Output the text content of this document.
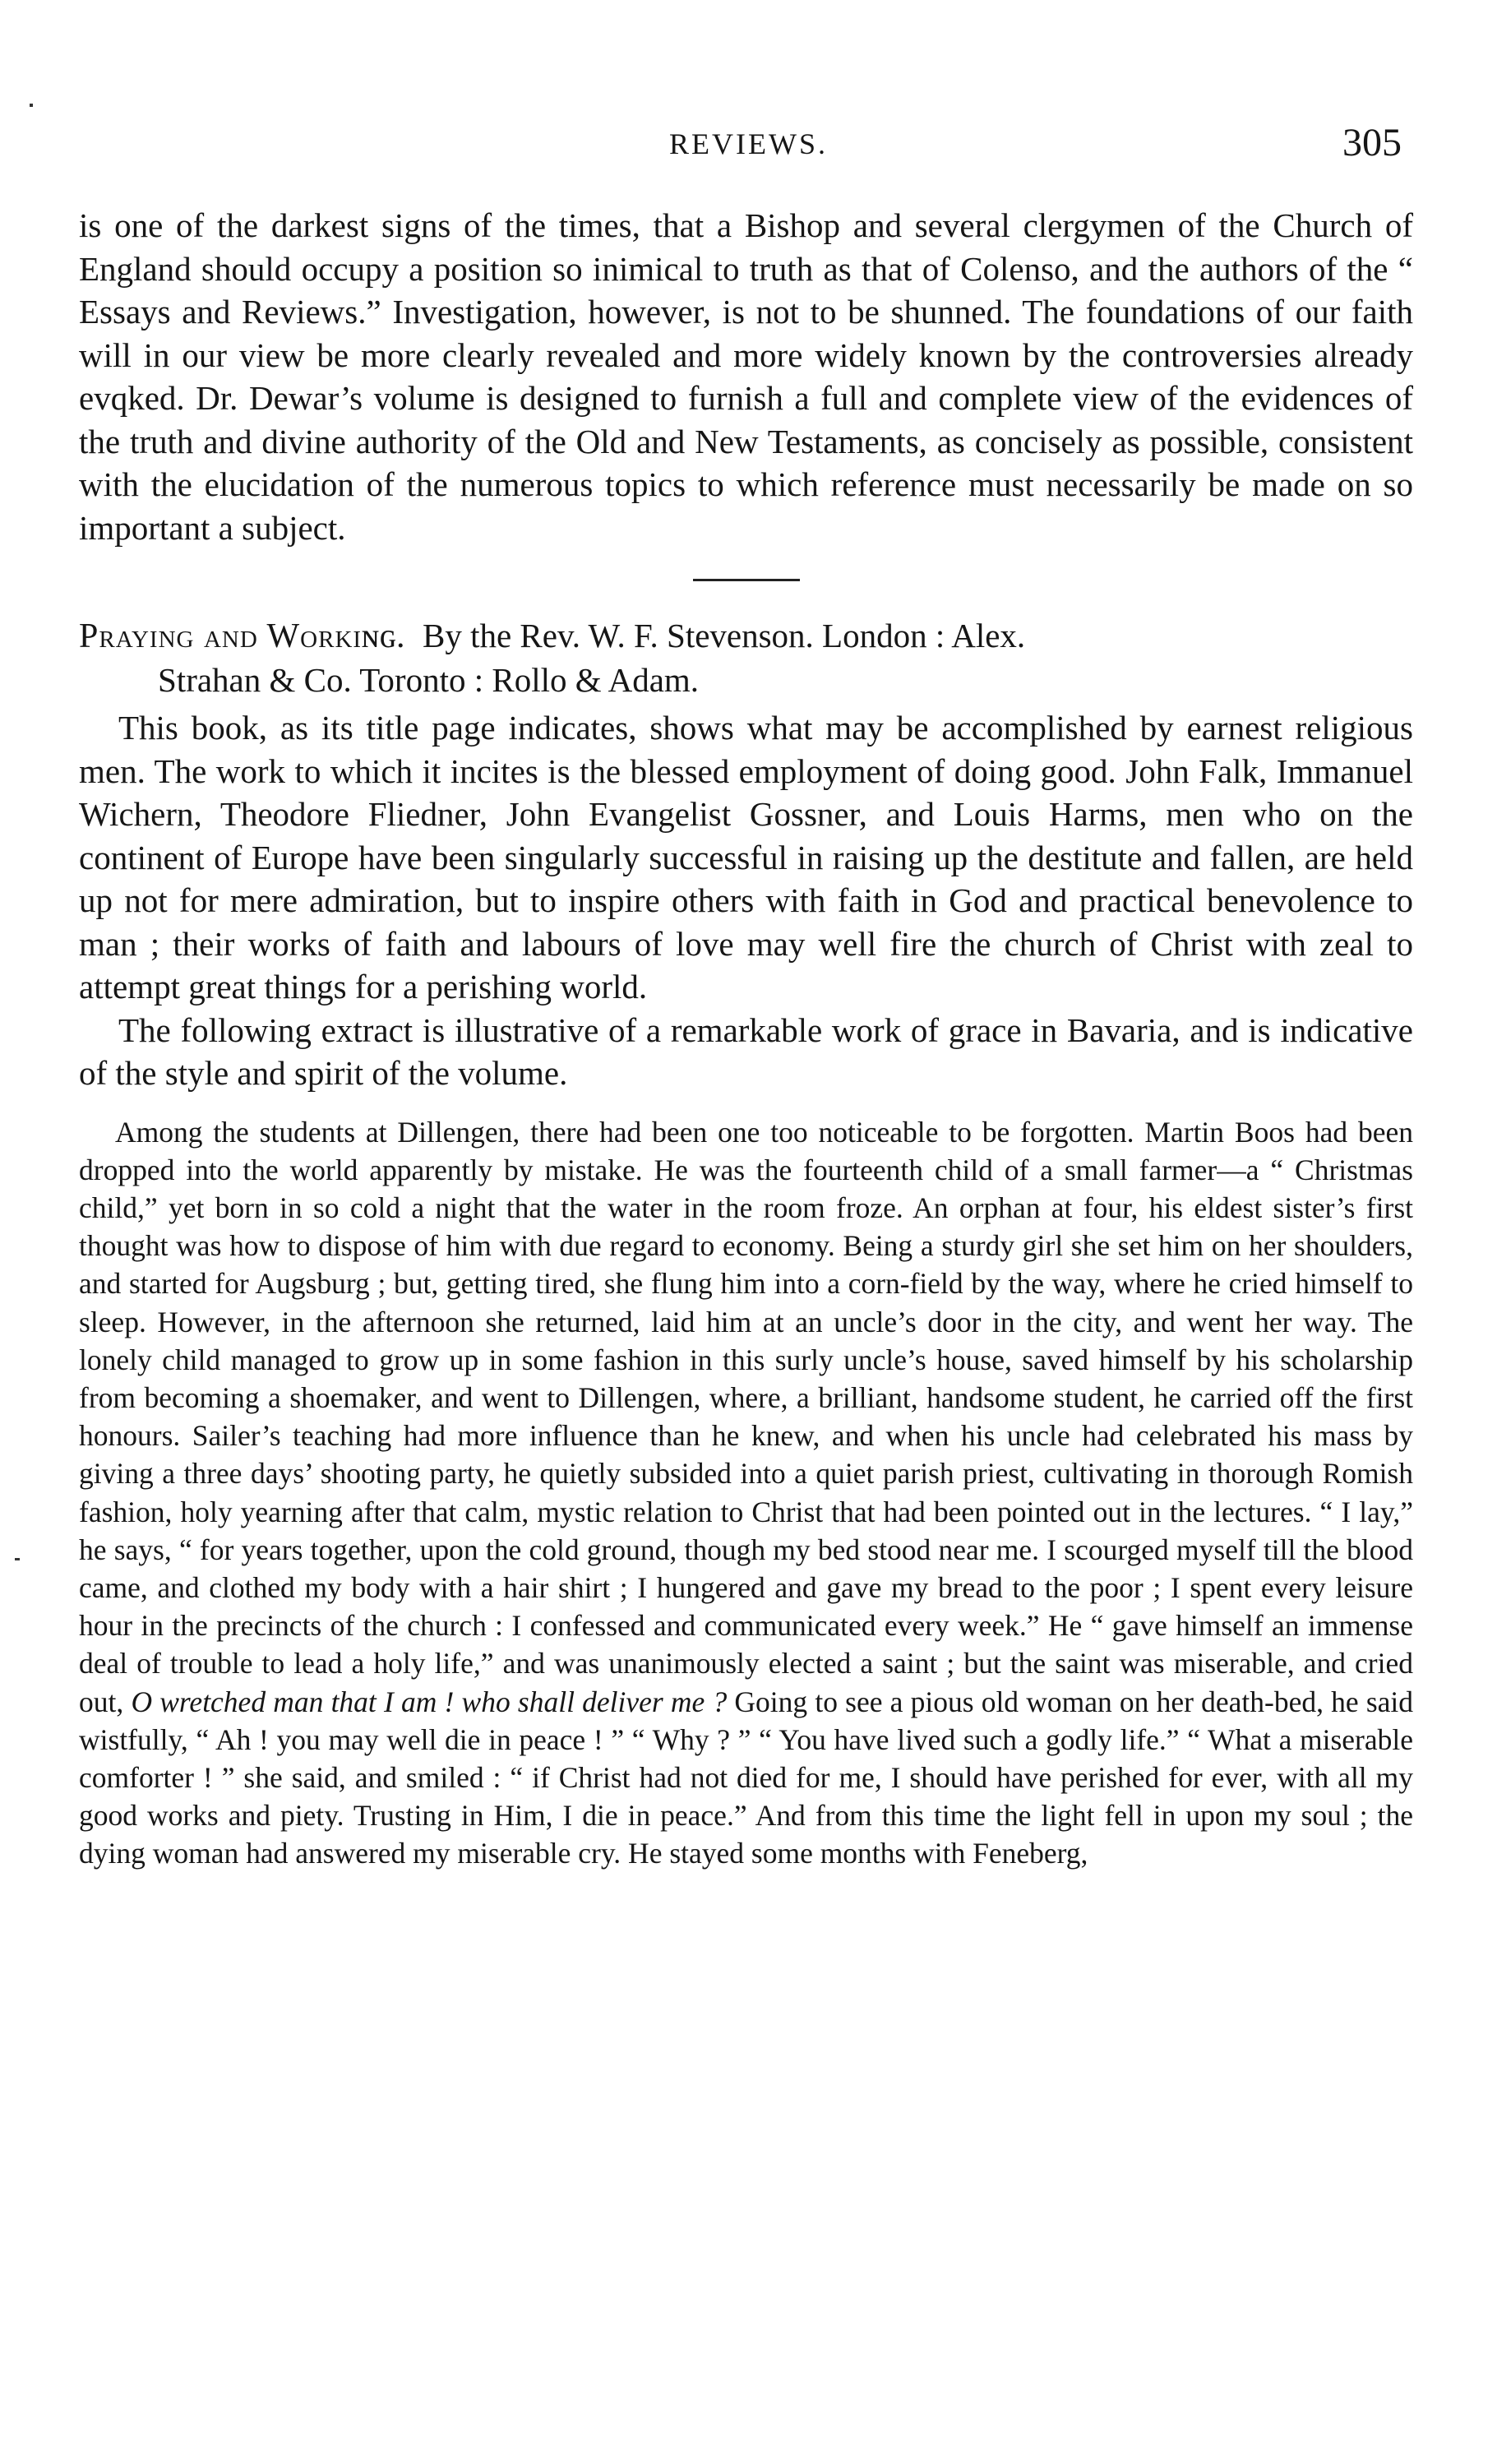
REVIEWS.	305

is one of the darkest signs of the times, that a Bishop and several clergymen of the Church of England should occupy a position so inimical to truth as that of Colenso, and the authors of the “ Essays and Reviews.” Investigation, however, is not to be shunned. The foundations of our faith will in our view be more clearly revealed and more widely known by the controversies already evqked. Dr. Dewar’s volume is designed to furnish a full and complete view of the evidences of the truth and divine authority of the Old and New Testaments, as concisely as possible, consistent with the elucidation of the numerous topics to which reference must necessarily be made on so important a subject.

Praying and Workiɴɢ. By the Rev. W. F. Stevenson. London : Alex.
Strahan & Co. Toronto : Rollo & Adam.

This book, as its title page indicates, shows what may be accomplished by earnest religious men. The work to which it incites is the blessed employment of doing good. John Falk, Immanuel Wichern, Theodore Fliedner, John Evangelist Gossner, and Louis Harms, men who on the continent of Europe have been singularly successful in raising up the destitute and fallen, are held up not for mere admiration, but to inspire others with faith in God and practical benevolence to man ; their works of faith and labours of love may well fire the church of Christ with zeal to attempt great things for a perishing world.

The following extract is illustrative of a remarkable work of grace in Bavaria, and is indicative of the style and spirit of the volume.

Among the students at Dillengen, there had been one too noticeable to be forgotten. Martin Boos had been dropped into the world apparently by mistake. He was the fourteenth child of a small farmer—a “ Christmas child,” yet born in so cold a night that the water in the room froze. An orphan at four, his eldest sister’s first thought was how to dispose of him with due regard to economy. Being a sturdy girl she set him on her shoulders, and started for Augsburg ; but, getting tired, she flung him into a corn-field by the way, where he cried himself to sleep. However, in the afternoon she returned, laid him at an uncle’s door in the city, and went her way. The lonely child managed to grow up in some fashion in this surly uncle’s house, saved himself by his scholarship from becoming a shoemaker, and went to Dillengen, where, a brilliant, handsome student, he carried off the first honours. Sailer’s teaching had more influence than he knew, and when his uncle had celebrated his mass by giving a three days’ shooting party, he quietly subsided into a quiet parish priest, cultivating in thorough Romish fashion, holy yearning after that calm, mystic relation to Christ that had been pointed out in the lectures. “ I lay,” he says, “ for years together, upon the cold ground, though my bed stood near me. I scourged myself till the blood came, and clothed my body with a hair shirt ; I hungered and gave my bread to the poor ; I spent every leisure hour in the precincts of the church : I confessed and communicated every week.” He “ gave himself an immense deal of trouble to lead a holy life,” and was unanimously elected a saint ; but the saint was miserable, and cried out, O wretched man that I am ! who shall deliver me ? Going to see a pious old woman on her death-bed, he said wistfully, “ Ah ! you may well die in peace ! ” “ Why ? ” “ You have lived such a godly life.” “ What a miserable comforter ! ” she said, and smiled : “ if Christ had not died for me, I should have perished for ever, with all my good works and piety. Trusting in Him, I die in peace.” And from this time the light fell in upon my soul ; the dying woman had answered my miserable cry. He stayed some months with Feneberg,
